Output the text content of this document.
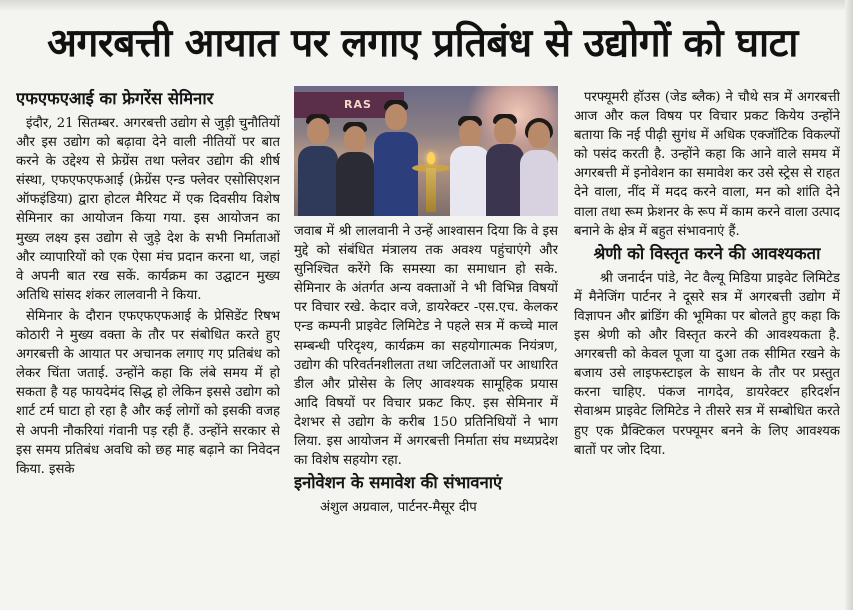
अगरबत्ती आयात पर लगाए प्रतिबंध से उद्योगों को घाटा
एफएफएआई का फ्रेगरेंस सेमिनार

इंदौर, 21 सितम्बर. अगरबत्ती उद्योग से जुड़ी चुनौतियों और इस उद्योग को बढ़ावा देने वाली नीतियों पर बात करने के उद्देश्य से फ्रेग्रेंस तथा फ्लेवर उद्योग की शीर्ष संस्था, एफएफएफआई (फ्रेग्रेंस एन्ड फ्लेवर एसोसिएशन ऑफइंडिया) द्वारा होटल मैरियट में एक दिवसीय विशेष सेमिनार का आयोजन किया गया. इस आयोजन का मुख्य लक्ष्य इस उद्योग से जुड़े देश के सभी निर्माताओं और व्यापारियों को एक ऐसा मंच प्रदान करना था, जहां वे अपनी बात रख सकें. कार्यक्रम का उद्घाटन मुख्य अतिथि सांसद शंकर लालवानी ने किया.

सेमिनार के दौरान एफएफएफआई के प्रेसिडेंट रिषभ कोठारी ने मुख्य वक्ता के तौर पर संबोधित करते हुए अगरबत्ती के आयात पर अचानक लगाए गए प्रतिबंध को लेकर चिंता जताई. उन्होंने कहा कि लंबे समय में हो सकता है यह फायदेमंद सिद्ध हो लेकिन इससे उद्योग को शार्ट टर्म घाटा हो रहा है और कई लोगों को इसकी वजह से अपनी नौकरियां गंवानी पड़ रही हैं. उन्होंने सरकार से इस समय प्रतिबंध अवधि को छह माह बढ़ाने का निवेदन किया. इसके

RAS

जवाब में श्री लालवानी ने उन्हें आश्वासन दिया कि वे इस मुद्दे को संबंधित मंत्रालय तक अवश्य पहुंचाएंगे और सुनिश्चित करेंगे कि समस्या का समाधान हो सके. सेमिनार के अंतर्गत अन्य वक्ताओं ने भी विभिन्न विषयों पर विचार रखे. केदार वजे, डायरेक्टर -एस.एच. केलकर एन्ड कम्पनी प्राइवेट लिमिटेड ने पहले सत्र में कच्चे माल सम्बन्धी परिदृश्य, कार्यक्रम का सहयोगात्मक नियंत्रण, उद्योग की परिवर्तनशीलता तथा जटिलताओं पर आधारित डील और प्रोसेस के लिए आवश्यक सामूहिक प्रयास आदि विषयों पर विचार प्रकट किए. इस सेमिनार में देशभर से उद्योग के करीब 150 प्रतिनिधियों ने भाग लिया. इस आयोजन में अगरबत्ती निर्माता संघ मध्यप्रदेश का विशेष सहयोग रहा.

इनोवेशन के समावेश की संभावनाएं

अंशुल अग्रवाल, पार्टनर-मैसूर दीप

परफ्यूमरी हॉउस (जेड ब्लैक) ने चौथे सत्र में अगरबत्ती आज और कल विषय पर विचार प्रकट कियेय उन्होंने बताया कि नई पीढ़ी सुगंध में अधिक एक्जॉटिक विकल्पों को पसंद करती है. उन्होंने कहा कि आने वाले समय में अगरबत्ती में इनोवेशन का समावेश कर उसे स्ट्रेस से राहत देने वाला, नींद में मदद करने वाला, मन को शांति देने वाला तथा रूम फ्रेशनर के रूप में काम करने वाला उत्पाद बनाने के क्षेत्र में बहुत संभावनाएं हैं.

श्रेणी को विस्तृत करने की आवश्यकता

श्री जनार्दन पांडे, नेट वैल्यू मिडिया प्राइवेट लिमिटेड में मैनेजिंग पार्टनर ने दूसरे सत्र में अगरबत्ती उद्योग में विज्ञापन और ब्रांडिंग की भूमिका पर बोलते हुए कहा कि इस श्रेणी को और विस्तृत करने की आवश्यकता है. अगरबत्ती को केवल पूजा या दुआ तक सीमित रखने के बजाय उसे लाइफस्टाइल के साधन के तौर पर प्रस्तुत करना चाहिए. पंकज नागदेव, डायरेक्टर हरिदर्शन सेवाश्रम प्राइवेट लिमिटेड ने तीसरे सत्र में सम्बोधित करते हुए एक प्रैक्टिकल परफ्यूमर बनने के लिए आवश्यक बातों पर जोर दिया.
